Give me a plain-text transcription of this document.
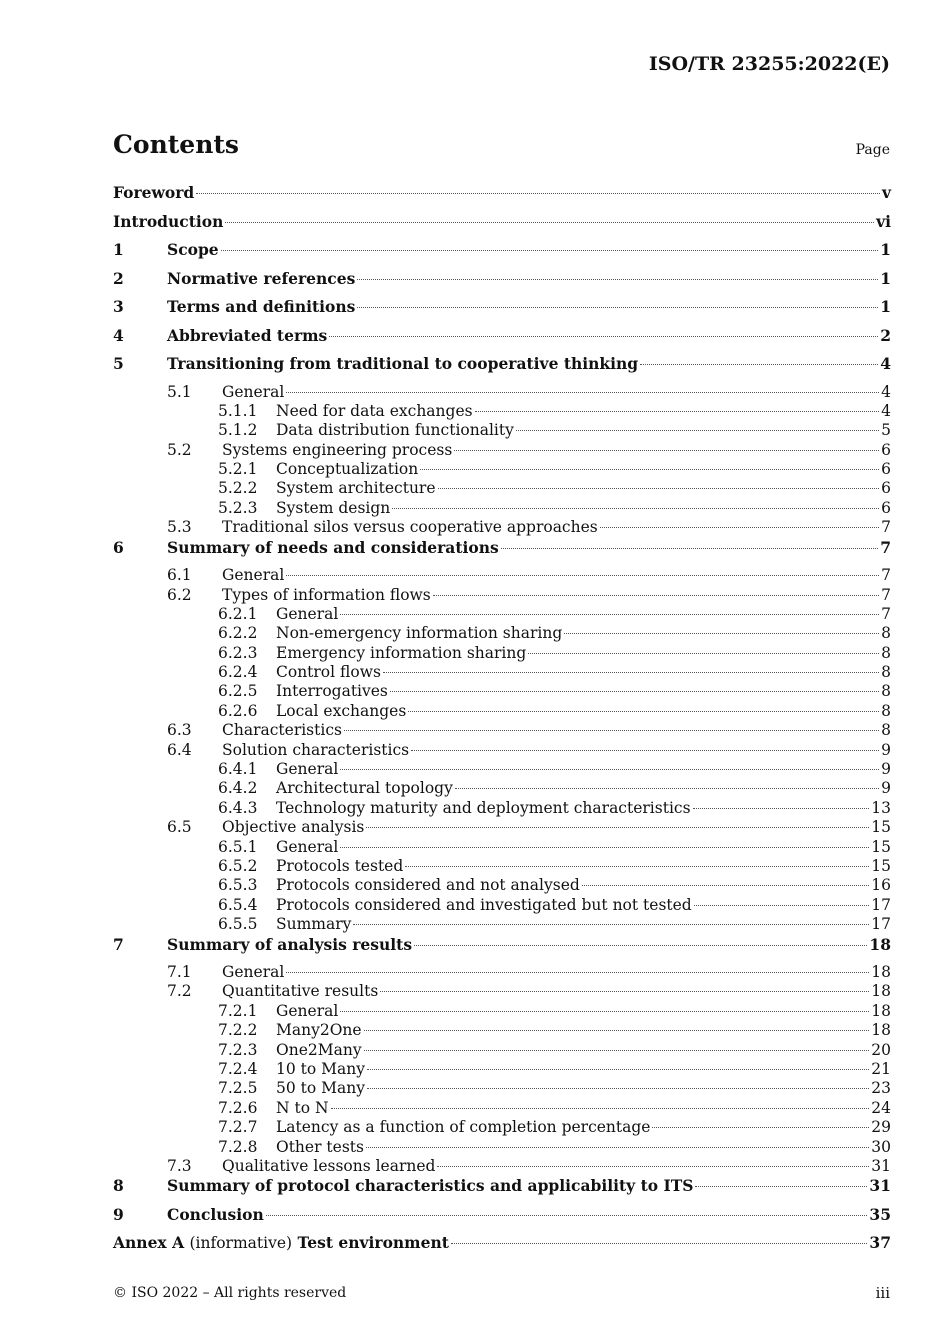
ISO/TR 23255:2022(E)
Contents	Page
Foreword	v
Introduction	vi
1	Scope	1
2	Normative references	1
3	Terms and definitions	1
4	Abbreviated terms	2
5	Transitioning from traditional to cooperative thinking	4
5.1	General	4
5.1.1	Need for data exchanges	4
5.1.2	Data distribution functionality	5
5.2	Systems engineering process	6
5.2.1	Conceptualization	6
5.2.2	System architecture	6
5.2.3	System design	6
5.3	Traditional silos versus cooperative approaches	7
6	Summary of needs and considerations	7
6.1	General	7
6.2	Types of information flows	7
6.2.1	General	7
6.2.2	Non-emergency information sharing	8
6.2.3	Emergency information sharing	8
6.2.4	Control flows	8
6.2.5	Interrogatives	8
6.2.6	Local exchanges	8
6.3	Characteristics	8
6.4	Solution characteristics	9
6.4.1	General	9
6.4.2	Architectural topology	9
6.4.3	Technology maturity and deployment characteristics	13
6.5	Objective analysis	15
6.5.1	General	15
6.5.2	Protocols tested	15
6.5.3	Protocols considered and not analysed	16
6.5.4	Protocols considered and investigated but not tested	17
6.5.5	Summary	17
7	Summary of analysis results	18
7.1	General	18
7.2	Quantitative results	18
7.2.1	General	18
7.2.2	Many2One	18
7.2.3	One2Many	20
7.2.4	10 to Many	21
7.2.5	50 to Many	23
7.2.6	N to N	24
7.2.7	Latency as a function of completion percentage	29
7.2.8	Other tests	30
7.3	Qualitative lessons learned	31
8	Summary of protocol characteristics and applicability to ITS	31
9	Conclusion	35
Annex A (informative) Test environment	37
© ISO 2022 – All rights reserved	iii
